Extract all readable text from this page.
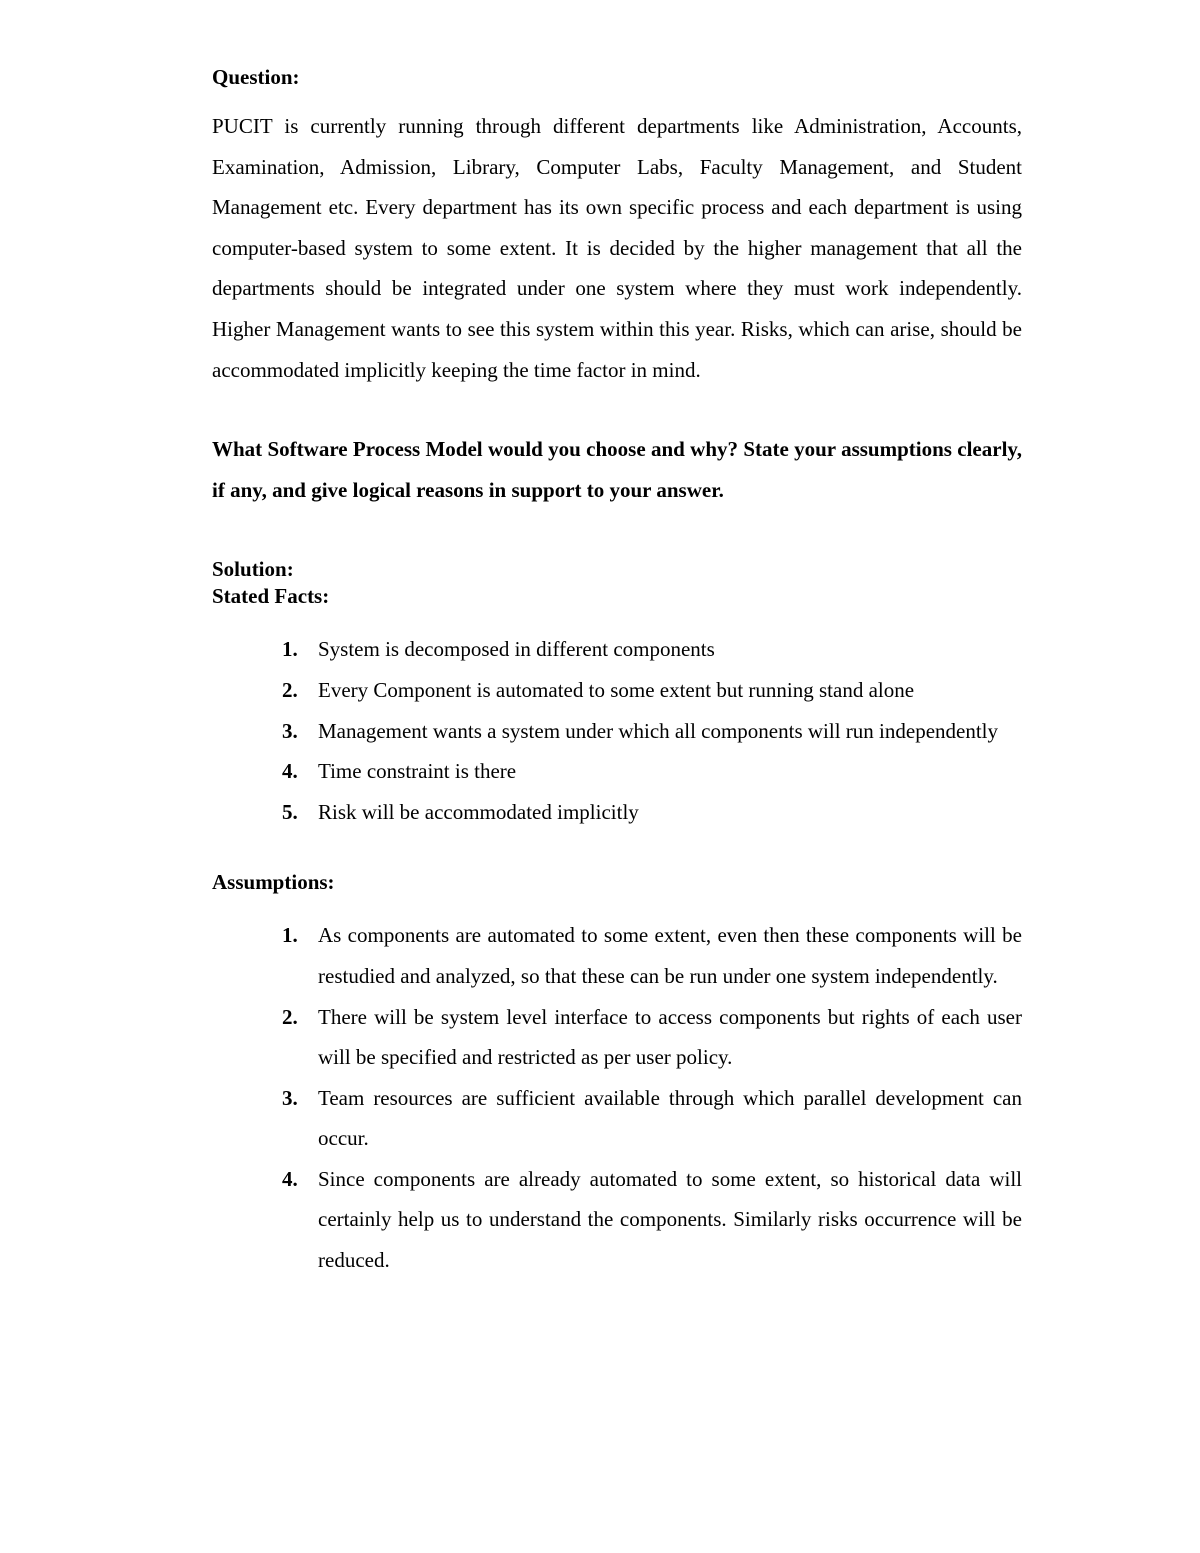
Question:

PUCIT is currently running through different departments like Administration, Accounts, Examination, Admission, Library, Computer Labs, Faculty Management, and Student Management etc. Every department has its own specific process and each department is using computer-based system to some extent. It is decided by the higher management that all the departments should be integrated under one system where they must work independently. Higher Management wants to see this system within this year. Risks, which can arise, should be accommodated implicitly keeping the time factor in mind.

What Software Process Model would you choose and why? State your assumptions clearly, if any, and give logical reasons in support to your answer.

Solution:

Stated Facts:

1. System is decomposed in different components
2. Every Component is automated to some extent but running stand alone
3. Management wants a system under which all components will run independently
4. Time constraint is there
5. Risk will be accommodated implicitly

Assumptions:

1. As components are automated to some extent, even then these components will be restudied and analyzed, so that these can be run under one system independently.
2. There will be system level interface to access components but rights of each user will be specified and restricted as per user policy.
3. Team resources are sufficient available through which parallel development can occur.
4. Since components are already automated to some extent, so historical data will certainly help us to understand the components. Similarly risks occurrence will be reduced.
